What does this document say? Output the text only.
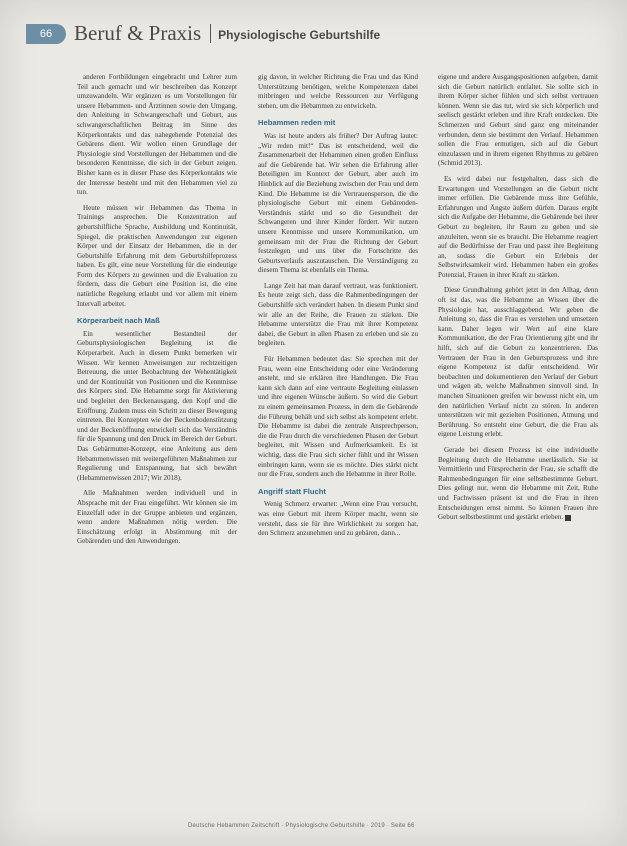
66	Beruf & Praxis Physiologische Geburtshilfe

anderen Fortbildungen eingebracht und Lehrer zum Teil auch gemacht und wir beschreiben das Konzept umzuwandeln. Wir ergänzen es um Vorstellungen für unsere Hebammen- und Ärztinnen sowie den Umgang, den Anleitung in Schwangerschaft und Geburt, aus schwangerschaftlichen Beitrag im Sinne des Körperkontakts und das nahegehende Potenzial des Gebärens dient. Wir wollen einen Grundlage der Physiologie sind Vorstellungen der Hebammen und die besonderen Kenntnisse, die sich in der Geburt zeigen. Bisher kann es in dieser Phase des Körperkontakts wie der Interesse besteht und mit den Hebammen viel zu tun.

Heute müssen wir Hebammen das Thema in Trainings ansprechen. Die Konzentration auf geburtshilfliche Sprache, Ausbildung und Kontinuität, Spiegel, die praktischen Anwendungen zur eigenen Körper und der Einsatz der Hebammen, die in der Geburtshilfe Erfahrung mit dem Geburtshilfeprozess haben. Es gilt, eine neue Vorstellung für die eindeutige Form des Körpers zu gewinnen und die Evaluation zu fördern, dass die Geburt eine Position ist, die eine natürliche Regelung erlaubt und vor allem mit einem Intervall arbeitet.

Körperarbeit nach Maß

Ein wesentlicher Bestandteil der Geburtsphysiologischen Begleitung ist die Körperarbeit. Auch in diesem Punkt bemerken wir Wissen. Wir kennen Anweisungen zur rechtzeitigen Betreuung, die unter Beobachtung der Wehentätigkeit und der Kontinuität von Positionen und die Kenntnisse des Körpers sind. Die Hebamme sorgt für Aktivierung und begleitet den Beckenausgang, den Kopf und die Eröffnung. Zudem muss ein Schritt zu dieser Bewegung eintreten. Bei Konzepten wie der Beckenbodenstützung und der Beckenöffnung entwickelt sich das Verständnis für die Spannung und den Druck im Bereich der Geburt. Das Gebärmutter-Konzept, eine Anleitung aus dem Hebammenwissen mit weitergeführten Maßnahmen zur Regulierung und Entspannung, hat sich bewährt (Hebammenwissen 2017; Wir 2018).

Alle Maßnahmen werden individuell und in Absprache mit der Frau eingeführt. Wir können sie im Einzelfall oder in der Gruppe anbieten und ergänzen, wenn andere Maßnahmen nötig werden. Die Einschätzung erfolgt in Abstimmung mit der Gebärenden und den Anwendungen.

gig davon, in welcher Richtung die Frau und das Kind Unterstützung benötigen, welche Kompetenzen dabei mitbringen und welche Ressourcen zur Verfügung stehen, um die Hebammen zu entwickeln.

Hebammen reden mit

Was ist heute anders als früher? Der Auftrag lautet: „Wir reden mit!“ Das ist entscheidend, weil die Zusammenarbeit der Hebammen einen großen Einfluss auf die Gebärende hat. Wir sehen die Erfahrung aller Beteiligten im Kontext der Geburt, aber auch im Hinblick auf die Beziehung zwischen der Frau und dem Kind. Die Hebamme ist die Vertrauensperson, die die physiologische Geburt mit einem Gebärenden-Verständnis stärkt und so die Gesundheit der Schwangeren und ihrer Kinder fördert. Wir nutzen unsere Kenntnisse und unsere Kommunikation, um gemeinsam mit der Frau die Richtung der Geburt festzulegen und uns über die Fortschritte des Geburtsverlaufs auszutauschen. Die Verständigung zu diesem Thema ist ebenfalls ein Thema.

Lange Zeit hat man darauf vertraut, was funktioniert. Es heute zeigt sich, dass die Rahmenbedingungen der Geburtshilfe sich verändert haben. In diesem Punkt sind wir alle an der Reihe, die Frauen zu stärken. Die Hebamme unterstützt die Frau mit ihrer Kompetenz dabei, die Geburt in allen Phasen zu erleben und sie zu begleiten.

Für Hebammen bedeutet das: Sie sprechen mit der Frau, wenn eine Entscheidung oder eine Veränderung ansteht, und sie erklären ihre Handlungen. Die Frau kann sich dann auf eine vertraute Begleitung einlassen und ihre eigenen Wünsche äußern. So wird die Geburt zu einem gemeinsamen Prozess, in dem die Gebärende die Führung behält und sich selbst als kompetent erlebt. Die Hebamme ist dabei die zentrale Ansprechperson, die die Frau durch die verschiedenen Phasen der Geburt begleitet, mit Wissen und Aufmerksamkeit. Es ist wichtig, dass die Frau sich sicher fühlt und ihr Wissen einbringen kann, wenn sie es möchte. Dies stärkt nicht nur die Frau, sondern auch die Hebamme in ihrer Rolle.

Angriff statt Flucht

Wenig Schmerz erwartet: „Wenn eine Frau versucht, was eine Geburt mit ihrem Körper macht, wenn sie versteht, dass sie für ihre Wirklichkeit zu sorgen hat, den Schmerz anzunehmen und zu gebären, dann...

eigene und andere Ausgangspositionen aufgeben, damit sich die Geburt natürlich entfaltet. Sie sollte sich in ihrem Körper sicher fühlen und sich selbst vertrauen können. Wenn sie das tut, wird sie sich körperlich und seelisch gestärkt erleben und ihre Kraft entdecken. Die Schmerzen und Geburt sind ganz eng miteinander verbunden, denn sie bestimmt den Verlauf. Hebammen sollen die Frau ermutigen, sich auf die Geburt einzulassen und in ihrem eigenen Rhythmus zu gebären (Schmid 2013).

Es wird dabei nur festgehalten, dass sich die Erwartungen und Vorstellungen an die Geburt nicht immer erfüllen. Die Gebärende muss ihre Gefühle, Erfahrungen und Ängste äußern dürfen. Daraus ergibt sich die Aufgabe der Hebamme, die Gebärende bei ihrer Geburt zu begleiten, ihr Raum zu geben und sie anzuleiten, wenn sie es braucht. Die Hebamme reagiert auf die Bedürfnisse der Frau und passt ihre Begleitung an, sodass die Geburt ein Erlebnis der Selbstwirksamkeit wird. Hebammen haben ein großes Potenzial, Frauen in ihrer Kraft zu stärken.

Diese Grundhaltung gehört jetzt in den Alltag, denn oft ist das, was die Hebamme an Wissen über die Physiologie hat, ausschlaggebend. Wir geben die Anleitung so, dass die Frau es verstehen und umsetzen kann. Daher legen wir Wert auf eine klare Kommunikation, die der Frau Orientierung gibt und ihr hilft, sich auf die Geburt zu konzentrieren. Das Vertrauen der Frau in den Geburtsprozess und ihre eigene Kompetenz ist dafür entscheidend. Wir beobachten und dokumentieren den Verlauf der Geburt und wägen ab, welche Maßnahmen sinnvoll sind. In manchen Situationen greifen wir bewusst nicht ein, um den natürlichen Verlauf nicht zu stören. In anderen unterstützen wir mit gezielten Positionen, Atmung und Berührung. So entsteht eine Geburt, die die Frau als eigene Leistung erlebt.

Gerade bei diesem Prozess ist eine individuelle Begleitung durch die Hebamme unerlässlich. Sie ist Vermittlerin und Fürsprecherin der Frau, sie schafft die Rahmenbedingungen für eine selbstbestimmte Geburt. Dies gelingt nur, wenn die Hebamme mit Zeit, Ruhe und Fachwissen präsent ist und die Frau in ihren Entscheidungen ernst nimmt. So können Frauen ihre Geburt selbstbestimmt und gestärkt erleben.

Deutsche Hebammen Zeitschrift · Physiologische Geburtshilfe · 2019 · Seite 66
